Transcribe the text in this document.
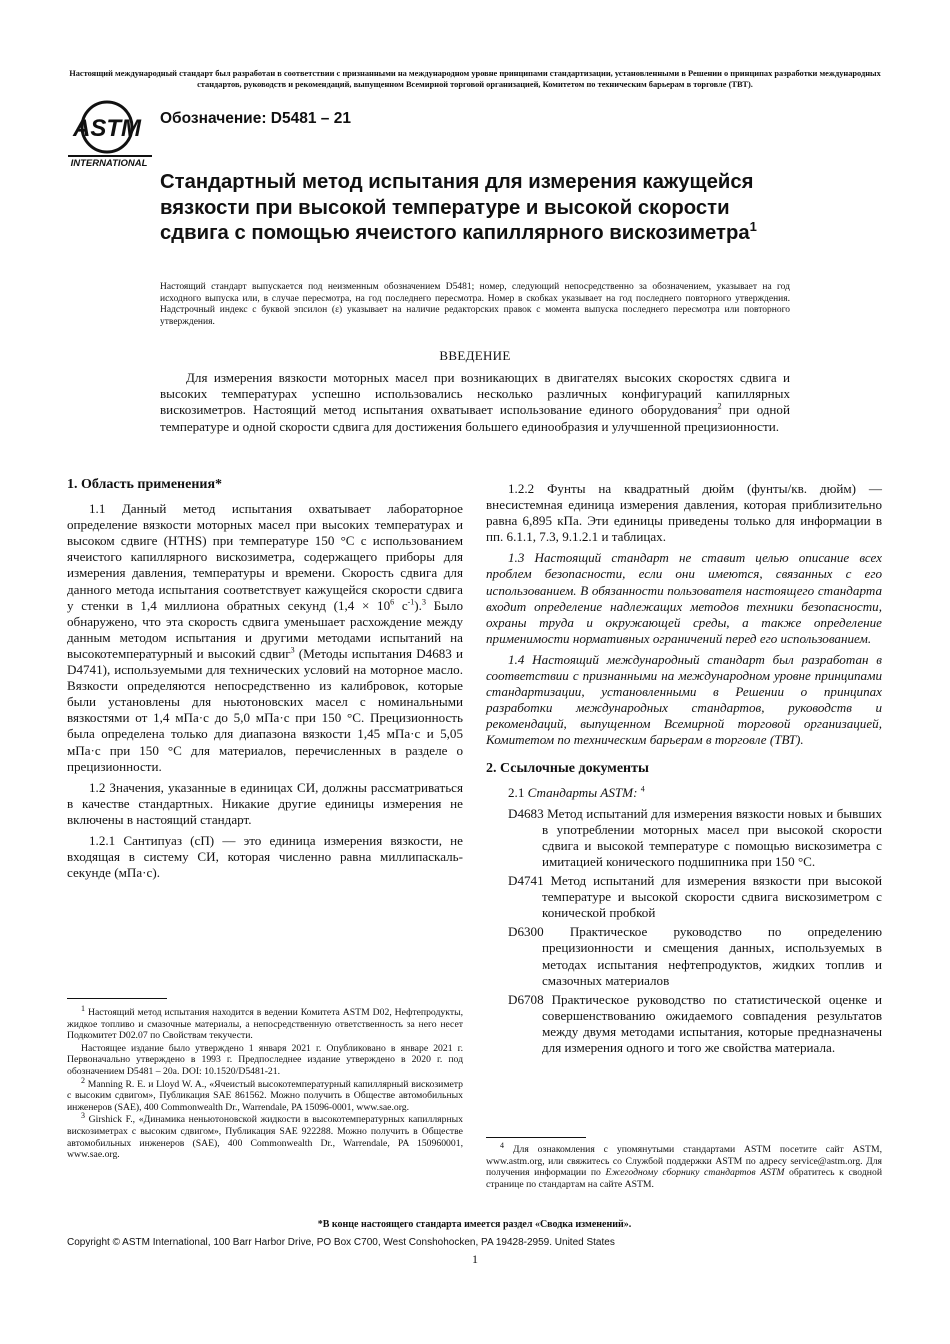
Настоящий международный стандарт был разработан в соответствии с признанными на международном уровне принципами стандартизации, установленными в Решении о принципах разработки международных стандартов, руководств и рекомендаций, выпущенном Всемирной торговой организацией, Комитетом по техническим барьерам в торговле (ТВТ).
ASTM
INTERNATIONAL
Обозначение: D5481 – 21
Стандартный метод испытания для измерения кажущейся вязкости при высокой температуре и высокой скорости сдвига с помощью ячеистого капиллярного вискозиметра$^1$
Настоящий стандарт выпускается под неизменным обозначением D5481; номер, следующий непосредственно за обозначением, указывает на год исходного выпуска или, в случае пересмотра, на год последнего пересмотра. Номер в скобках указывает на год последнего повторного утверждения. Надстрочный индекс с буквой эпсилон (ε) указывает на наличие редакторских правок с момента выпуска последнего пересмотра или повторного утверждения.
ВВЕДЕНИЕ

Для измерения вязкости моторных масел при возникающих в двигателях высоких скоростях сдвига и высоких температурах успешно использовались несколько различных конфигураций капиллярных вискозиметров. Настоящий метод испытания охватывает использование единого оборудования$^2$ при одной температуре и одной скорости сдвига для достижения большего единообразия и улучшенной прецизионности.

1. Область применения*

1.1 Данный метод испытания охватывает лабораторное определение вязкости моторных масел при высоких температурах и высоком сдвиге (HTHS) при температуре 150 °C с использованием ячеистого капиллярного вискозиметра, содержащего приборы для измерения давления, температуры и времени. Скорость сдвига для данного метода испытания соответствует кажущейся скорости сдвига у стенки в 1,4 миллиона обратных секунд ($1,4 \times 10^6$ $с^{-1}).^3$ Было обнаружено, что эта скорость сдвига уменьшает расхождение между данным методом испытания и другими методами испытаний на высокотемпературный и высокий сдвиг$^3$ (Методы испытания D4683 и D4741), используемыми для технических условий на моторное масло. Вязкости определяются непосредственно из калибровок, которые были установлены для ньютоновских масел с номинальными вязкостями от 1,4 мПа·с до 5,0 мПа·с при 150 °C. Прецизионность была определена только для диапазона вязкости 1,45 мПа·с и 5,05 мПа·с при 150 °C для материалов, перечисленных в разделе о прецизионности.

1.2 Значения, указанные в единицах СИ, должны рассматриваться в качестве стандартных. Никакие другие единицы измерения не включены в настоящий стандарт.

1.2.1 Сантипуаз (сП) — это единица измерения вязкости, не входящая в систему СИ, которая численно равна миллипаскаль-секунде (мПа·с).

$^1$ Настоящий метод испытания находится в ведении Комитета ASTM D02, Нефтепродукты, жидкое топливо и смазочные материалы, а непосредственную ответственность за него несет Подкомитет D02.07 по Свойствам текучести.

Настоящее издание было утверждено 1 января 2021 г. Опубликовано в январе 2021 г. Первоначально утверждено в 1993 г. Предпоследнее издание утверждено в 2020 г. под обозначением D5481 – 20a. DOI: 10.1520/D5481-21.

$^2$ Manning R. E. и Lloyd W. A., «Ячеистый высокотемпературный капиллярный вискозиметр с высоким сдвигом», Публикация SAE 861562. Можно получить в Обществе автомобильных инженеров (SAE), 400 Commonwealth Dr., Warrendale, PA 15096-0001, www.sae.org.

$^3$ Girshick F., «Динамика неньютоновской жидкости в высокотемпературных капиллярных вискозиметрах с высоким сдвигом», Публикация SAE 922288. Можно получить в Обществе автомобильных инженеров (SAE), 400 Commonwealth Dr., Warrendale, PA 150960001, www.sae.org.

1.2.2 Фунты на квадратный дюйм (фунты/кв. дюйм) — внесистемная единица измерения давления, которая приблизительно равна 6,895 кПа. Эти единицы приведены только для информации в пп. 6.1.1, 7.3, 9.1.2.1 и таблицах.

1.3 Настоящий стандарт не ставит целью описание всех проблем безопасности, если они имеются, связанных с его использованием. В обязанности пользователя настоящего стандарта входит определение надлежащих методов техники безопасности, охраны труда и окружающей среды, а также определение применимости нормативных ограничений перед его использованием.

1.4 Настоящий международный стандарт был разработан в соответствии с признанными на международном уровне принципами стандартизации, установленными в Решении о принципах разработки международных стандартов, руководств и рекомендаций, выпущенном Всемирной торговой организацией, Комитетом по техническим барьерам в торговле (ТВТ).

2. Ссылочные документы

2.1 Стандарты ASTM: $^4$

D4683 Метод испытаний для измерения вязкости новых и бывших в употреблении моторных масел при высокой скорости сдвига и высокой температуре с помощью вискозиметра с имитацией конического подшипника при 150 °C.

D4741 Метод испытаний для измерения вязкости при высокой температуре и высокой скорости сдвига вискозиметром с конической пробкой

D6300 Практическое руководство по определению прецизионности и смещения данных, используемых в методах испытания нефтепродуктов, жидких топлив и смазочных материалов

D6708 Практическое руководство по статистической оценке и совершенствованию ожидаемого совпадения результатов между двумя методами испытания, которые предназначены для измерения одного и того же свойства материала.

$^4$ Для ознакомления с упомянутыми стандартами ASTM посетите сайт ASTM, www.astm.org, или свяжитесь со Службой поддержки ASTM по адресу service@astm.org. Для получения информации по Ежегодному сборнику стандартов ASTM обратитесь к сводной странице по стандартам на сайте ASTM.

*В конце настоящего стандарта имеется раздел «Сводка изменений».
Copyright © ASTM International, 100 Barr Harbor Drive, PO Box C700, West Conshohocken, PA 19428-2959. United States
1
